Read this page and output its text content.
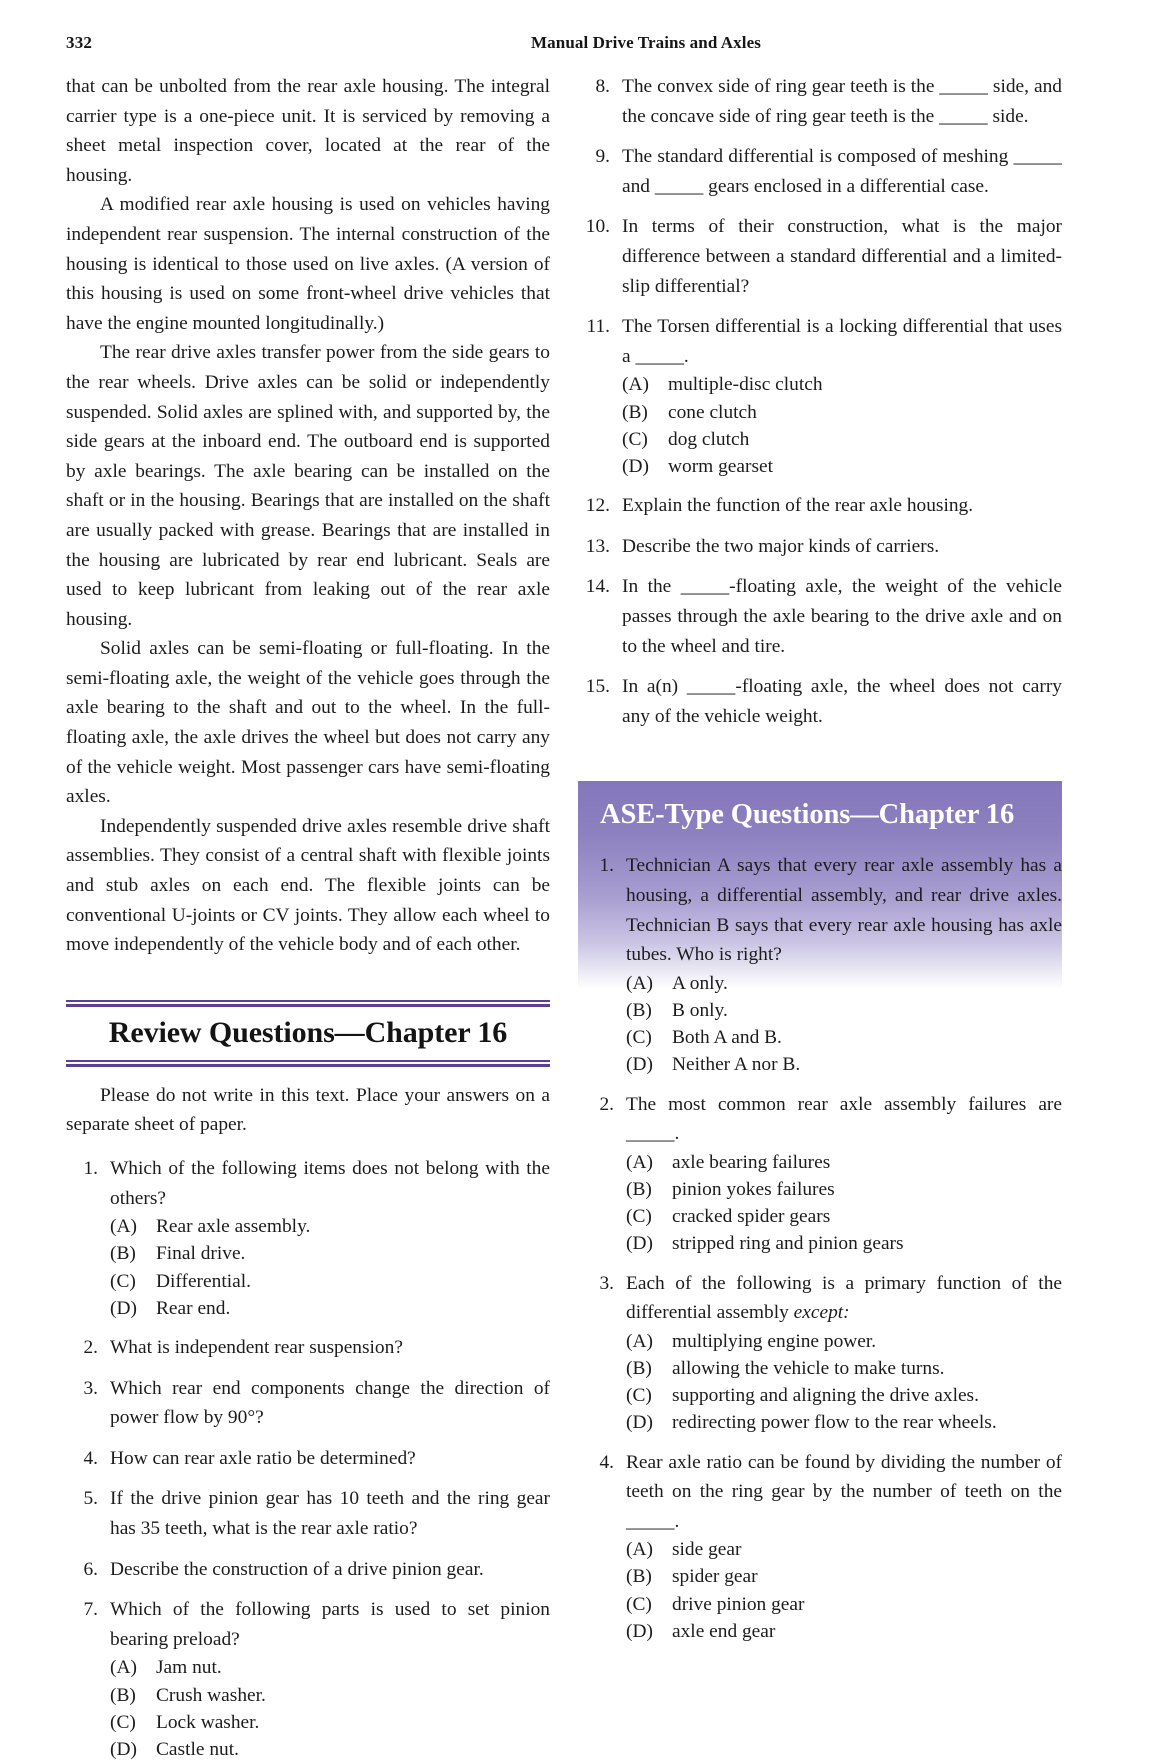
332	Manual Drive Trains and Axles

that can be unbolted from the rear axle housing. The integral carrier type is a one-piece unit. It is serviced by removing a sheet metal inspection cover, located at the rear of the housing.

A modified rear axle housing is used on vehicles having independent rear suspension. The internal construction of the housing is identical to those used on live axles. (A version of this housing is used on some front-wheel drive vehicles that have the engine mounted longitudinally.)

The rear drive axles transfer power from the side gears to the rear wheels. Drive axles can be solid or independently suspended. Solid axles are splined with, and supported by, the side gears at the inboard end. The outboard end is supported by axle bearings. The axle bearing can be installed on the shaft or in the housing. Bearings that are installed on the shaft are usually packed with grease. Bearings that are installed in the housing are lubricated by rear end lubricant. Seals are used to keep lubricant from leaking out of the rear axle housing.

Solid axles can be semi-floating or full-floating. In the semi-floating axle, the weight of the vehicle goes through the axle bearing to the shaft and out to the wheel. In the full-floating axle, the axle drives the wheel but does not carry any of the vehicle weight. Most passenger cars have semi-floating axles.

Independently suspended drive axles resemble drive shaft assemblies. They consist of a central shaft with flexible joints and stub axles on each end. The flexible joints can be conventional U-joints or CV joints. They allow each wheel to move independently of the vehicle body and of each other.

Review Questions—Chapter 16

Please do not write in this text. Place your answers on a separate sheet of paper.

1. Which of the following items does not belong with the others?
(A) Rear axle assembly.
(B)	Final drive.
(C)	Differential.
(D) Rear end.
2. What is independent rear suspension?
3. Which rear end components change the direction of power flow by 90°?
4. How can rear axle ratio be determined?
5. If the drive pinion gear has 10 teeth and the ring gear has 35 teeth, what is the rear axle ratio?
6. Describe the construction of a drive pinion gear.
7. Which of the following parts is used to set pinion bearing preload?
(A) Jam nut.
(B)	Crush washer.
(C)	Lock washer.
(D) Castle nut.
8. The convex side of ring gear teeth is the _____ side, and the concave side of ring gear teeth is the _____ side.
9. The standard differential is composed of meshing _____ and _____ gears enclosed in a differential case.
10. In terms of their construction, what is the major difference between a standard differential and a limited-slip differential?
11. The Torsen differential is a locking differential that uses a _____.
(A) multiple-disc clutch
(B)	cone clutch
(C)	dog clutch
(D) worm gearset
12. Explain the function of the rear axle housing.
13. Describe the two major kinds of carriers.
14. In the _____-floating axle, the weight of the vehicle passes through the axle bearing to the drive axle and on to the wheel and tire.
15. In a(n) _____-floating axle, the wheel does not carry any of the vehicle weight.
ASE-Type Questions—Chapter 16
1. Technician A says that every rear axle assembly has a housing, a differential assembly, and rear drive axles. Technician B says that every rear axle housing has axle tubes. Who is right?
(A) A only.
(B)	B only.
(C)	Both A and B.
(D) Neither A nor B.
2. The most common rear axle assembly failures are _____.
(A) axle bearing failures
(B)	pinion yokes failures
(C)	cracked spider gears
(D) stripped ring and pinion gears
3. Each of the following is a primary function of the differential assembly except:
(A) multiplying engine power.
(B)	allowing the vehicle to make turns.
(C)	supporting and aligning the drive axles.
(D) redirecting power flow to the rear wheels.
4. Rear axle ratio can be found by dividing the number of teeth on the ring gear by the number of teeth on the _____.
(A) side gear
(B)	spider gear
(C)	drive pinion gear
(D) axle end gear
